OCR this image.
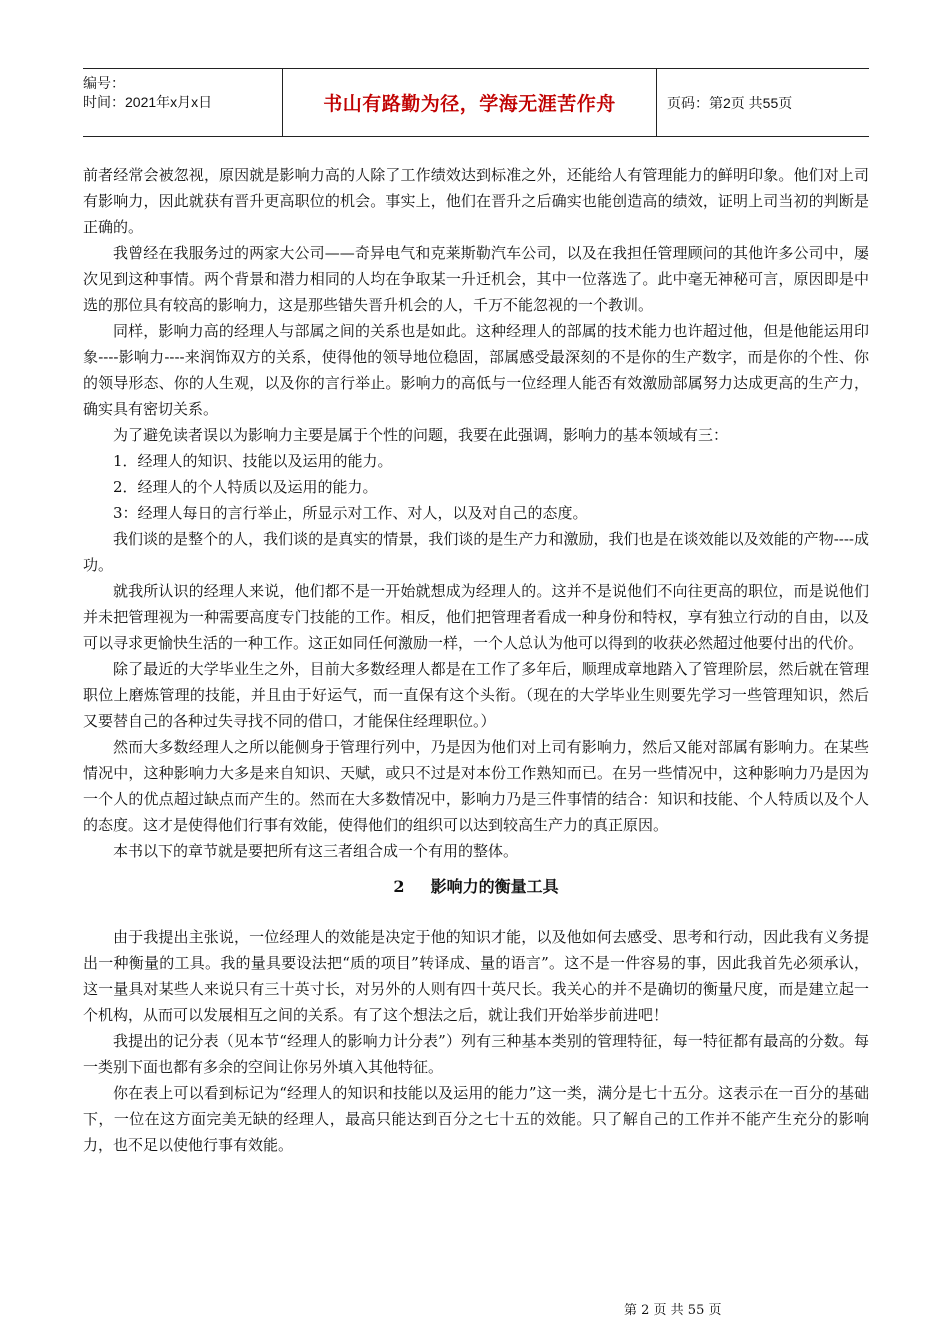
编号：
时间：2021年x月x日	书山有路勤为径，学海无涯苦作舟	页码：第2页 共55页

前者经常会被忽视，原因就是影响力高的人除了工作绩效达到标准之外，还能给人有管理能力的鲜明印象。他们对上司有影响力，因此就获有晋升更高职位的机会。事实上，他们在晋升之后确实也能创造高的绩效，证明上司当初的判断是正确的。

我曾经在我服务过的两家大公司——奇异电气和克莱斯勒汽车公司，以及在我担任管理顾问的其他许多公司中，屡次见到这种事情。两个背景和潜力相同的人均在争取某一升迁机会，其中一位落选了。此中毫无神秘可言，原因即是中选的那位具有较高的影响力，这是那些错失晋升机会的人，千万不能忽视的一个教训。

同样，影响力高的经理人与部属之间的关系也是如此。这种经理人的部属的技术能力也许超过他，但是他能运用印象----影响力----来润饰双方的关系，使得他的领导地位稳固，部属感受最深刻的不是你的生产数字，而是你的个性、你的领导形态、你的人生观，以及你的言行举止。影响力的高低与一位经理人能否有效激励部属努力达成更高的生产力，确实具有密切关系。

为了避免读者误以为影响力主要是属于个性的问题，我要在此强调，影响力的基本领域有三：

1．经理人的知识、技能以及运用的能力。

2．经理人的个人特质以及运用的能力。

3：经理人每日的言行举止，所显示对工作、对人，以及对自己的态度。

我们谈的是整个的人，我们谈的是真实的情景，我们谈的是生产力和激励，我们也是在谈效能以及效能的产物----成功。

就我所认识的经理人来说，他们都不是一开始就想成为经理人的。这并不是说他们不向往更高的职位，而是说他们并未把管理视为一种需要高度专门技能的工作。相反，他们把管理者看成一种身份和特权，享有独立行动的自由，以及可以寻求更愉快生活的一种工作。这正如同任何激励一样，一个人总认为他可以得到的收获必然超过他要付出的代价。

除了最近的大学毕业生之外，目前大多数经理人都是在工作了多年后，顺理成章地踏入了管理阶层，然后就在管理职位上磨炼管理的技能，并且由于好运气，而一直保有这个头衔。（现在的大学毕业生则要先学习一些管理知识，然后又要替自己的各种过失寻找不同的借口，才能保住经理职位。）

然而大多数经理人之所以能侧身于管理行列中，乃是因为他们对上司有影响力，然后又能对部属有影响力。在某些情况中，这种影响力大多是来自知识、天赋，或只不过是对本份工作熟知而已。在另一些情况中，这种影响力乃是因为一个人的优点超过缺点而产生的。然而在大多数情况中，影响力乃是三件事情的结合：知识和技能、个人特质以及个人的态度。这才是使得他们行事有效能，使得他们的组织可以达到较高生产力的真正原因。

本书以下的章节就是要把所有这三者组合成一个有用的整体。

2 影响力的衡量工具

由于我提出主张说，一位经理人的效能是决定于他的知识才能，以及他如何去感受、思考和行动，因此我有义务提出一种衡量的工具。我的量具要设法把“质的项目”转译成、量的语言”。这不是一件容易的事，因此我首先必须承认，这一量具对某些人来说只有三十英寸长，对另外的人则有四十英尺长。我关心的并不是确切的衡量尺度，而是建立起一个机构，从而可以发展相互之间的关系。有了这个想法之后，就让我们开始举步前进吧！

我提出的记分表（见本节“经理人的影响力计分表”）列有三种基本类别的管理特征，每一特征都有最高的分数。每一类别下面也都有多余的空间让你另外填入其他特征。

你在表上可以看到标记为“经理人的知识和技能以及运用的能力”这一类，满分是七十五分。这表示在一百分的基础下，一位在这方面完美无缺的经理人，最高只能达到百分之七十五的效能。只了解自己的工作并不能产生充分的影响力，也不足以使他行事有效能。

第 2 页 共 55 页
